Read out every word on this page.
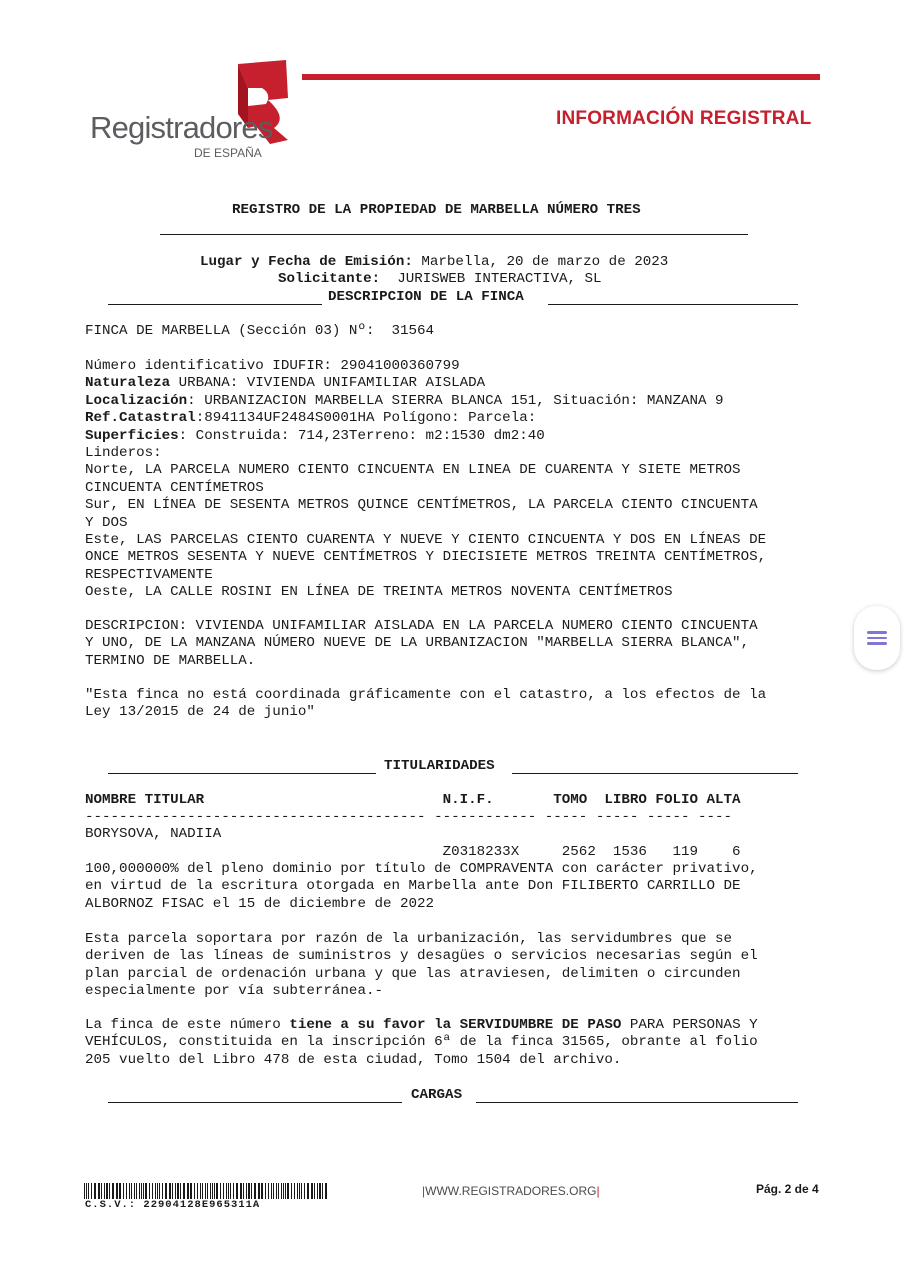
Registradores
DE ESPAÑA
INFORMACIÓN REGISTRAL
REGISTRO DE LA PROPIEDAD DE MARBELLA NÚMERO TRES
Lugar y Fecha de Emisión: Marbella, 20 de marzo de 2023
Solicitante:  JURISWEB INTERACTIVA, SL
DESCRIPCION DE LA FINCA
FINCA DE MARBELLA (Sección 03) Nº:  31564
Número identificativo IDUFIR: 29041000360799
Naturaleza URBANA: VIVIENDA UNIFAMILIAR AISLADA
Localización: URBANIZACION MARBELLA SIERRA BLANCA 151, Situación: MANZANA 9
Ref.Catastral:8941134UF2484S0001HA Polígono: Parcela:
Superficies: Construida: 714,23Terreno: m2:1530 dm2:40
Linderos:
Norte, LA PARCELA NUMERO CIENTO CINCUENTA EN LINEA DE CUARENTA Y SIETE METROS
CINCUENTA CENTÍMETROS
Sur, EN LÍNEA DE SESENTA METROS QUINCE CENTÍMETROS, LA PARCELA CIENTO CINCUENTA
Y DOS
Este, LAS PARCELAS CIENTO CUARENTA Y NUEVE Y CIENTO CINCUENTA Y DOS EN LÍNEAS DE
ONCE METROS SESENTA Y NUEVE CENTÍMETROS Y DIECISIETE METROS TREINTA CENTÍMETROS,
RESPECTIVAMENTE
Oeste, LA CALLE ROSINI EN LÍNEA DE TREINTA METROS NOVENTA CENTÍMETROS
DESCRIPCION: VIVIENDA UNIFAMILIAR AISLADA EN LA PARCELA NUMERO CIENTO CINCUENTA
Y UNO, DE LA MANZANA NÚMERO NUEVE DE LA URBANIZACION "MARBELLA SIERRA BLANCA",
TERMINO DE MARBELLA.
"Esta finca no está coordinada gráficamente con el catastro, a los efectos de la
Ley 13/2015 de 24 de junio"
TITULARIDADES
NOMBRE TITULAR                            N.I.F.       TOMO  LIBRO FOLIO ALTA
---------------------------------------- ------------ ----- ----- ----- ----
BORYSOVA, NADIIA
Z0318233X     2562  1536   119    6
100,000000% del pleno dominio por título de COMPRAVENTA con carácter privativo,
en virtud de la escritura otorgada en Marbella ante Don FILIBERTO CARRILLO DE
ALBORNOZ FISAC el 15 de diciembre de 2022
Esta parcela soportara por razón de la urbanización, las servidumbres que se
deriven de las líneas de suministros y desagües o servicios necesarias según el
plan parcial de ordenación urbana y que las atraviesen, delimiten o circunden
especialmente por vía subterránea.-
La finca de este número tiene a su favor la SERVIDUMBRE DE PASO PARA PERSONAS Y
VEHÍCULOS, constituida en la inscripción 6ª de la finca 31565, obrante al folio
205 vuelto del Libro 478 de esta ciudad, Tomo 1504 del archivo.
CARGAS
C.S.V.: 22904128E965311A
|WWW.REGISTRADORES.ORG|	Pág. 2 de 4
